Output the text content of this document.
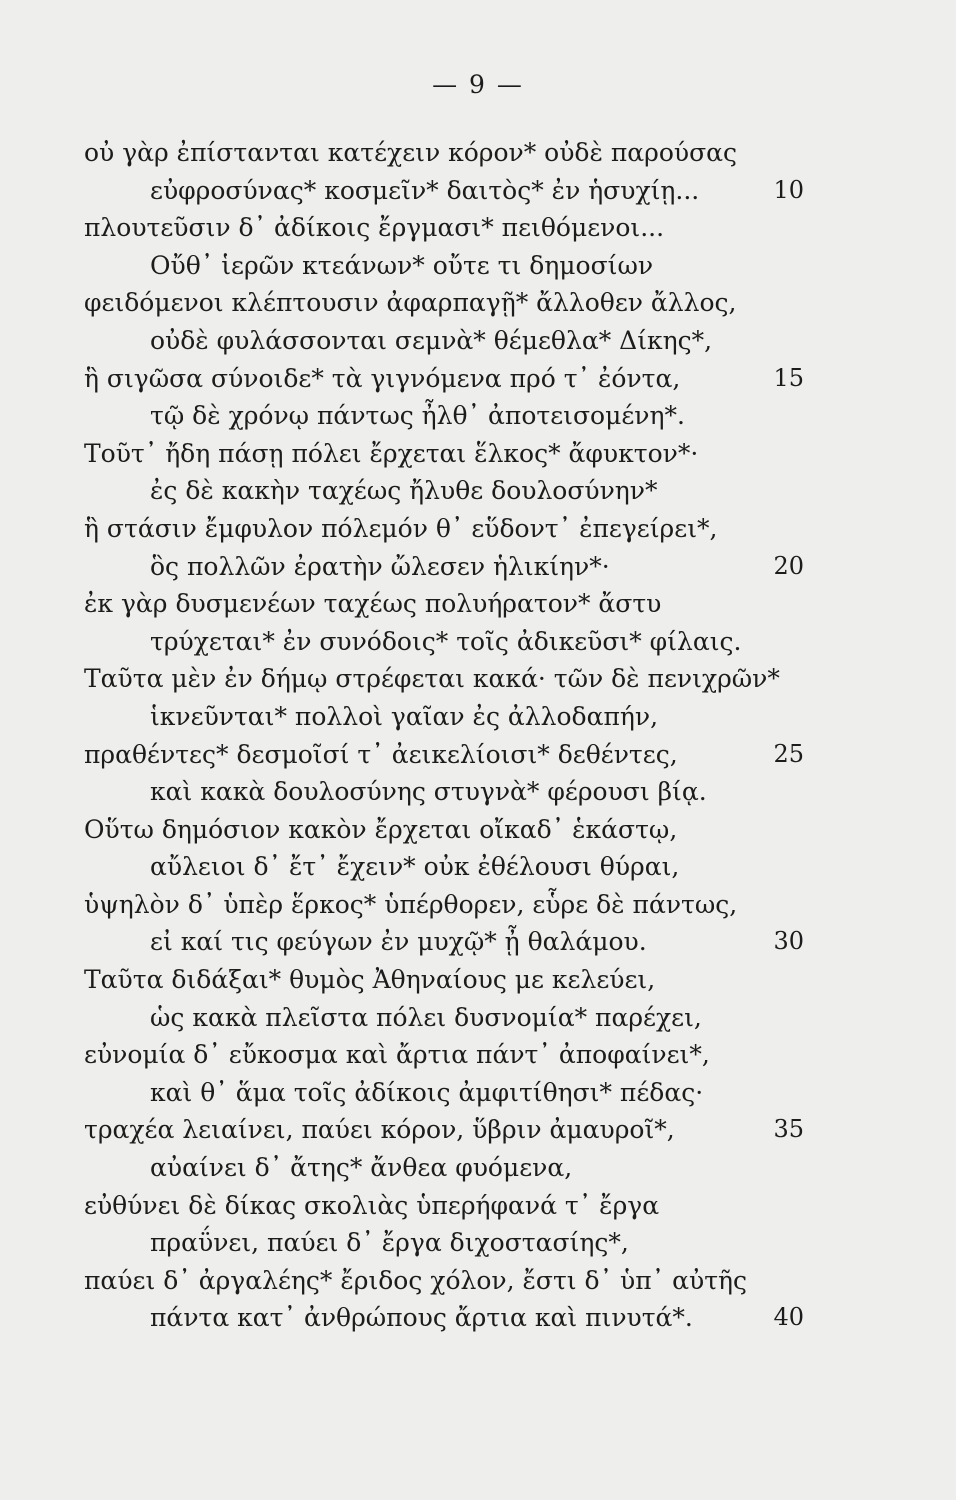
— 9 —
οὐ γὰρ ἐπίστανται κατέχειν κόρον* οὐδὲ παρούσας
εὐφροσύνας* κοσμεῖν* δαιτὸς* ἐν ἡσυχίῃ...	10
πλουτεῦσιν δ᾽ ἀδίκοις ἔργμασι* πειθόμενοι...
Οὔθ᾽ ἱερῶν κτεάνων* οὔτε τι δημοσίων
φειδόμενοι κλέπτουσιν ἀφαρπαγῇ* ἄλλοθεν ἄλλος,
οὐδὲ φυλάσσονται σεμνὰ* θέμεθλα* Δίκης*,
ἣ σιγῶσα σύνοιδε* τὰ γιγνόμενα πρό τ᾽ ἐόντα,	15
τῷ δὲ χρόνῳ πάντως ἦλθ᾽ ἀποτεισομένη*.
Τοῦτ᾽ ἤδη πάσῃ πόλει ἔρχεται ἕλκος* ἄφυκτον*·
ἐς δὲ κακὴν ταχέως ἤλυθε δουλοσύνην*
ἣ στάσιν ἔμφυλον πόλεμόν θ᾽ εὕδοντ᾽ ἐπεγείρει*,
ὃς πολλῶν ἐρατὴν ὤλεσεν ἡλικίην*·	20
ἐκ γὰρ δυσμενέων ταχέως πολυήρατον* ἄστυ
τρύχεται* ἐν συνόδοις* τοῖς ἀδικεῦσι* φίλαις.
Ταῦτα μὲν ἐν δήμῳ στρέφεται κακά· τῶν δὲ πενιχρῶν*
ἱκνεῦνται* πολλοὶ γαῖαν ἐς ἀλλοδαπήν,
πραθέντες* δεσμοῖσί τ᾽ ἀεικελίοισι* δεθέντες,	25
καὶ κακὰ δουλοσύνης στυγνὰ* φέρουσι βίᾳ.
Οὕτω δημόσιον κακὸν ἔρχεται οἴκαδ᾽ ἑκάστῳ,
αὔλειοι δ᾽ ἔτ᾽ ἔχειν* οὐκ ἐθέλουσι θύραι,
ὑψηλὸν δ᾽ ὑπὲρ ἕρκος* ὑπέρθορεν, εὗρε δὲ πάντως,
εἰ καί τις φεύγων ἐν μυχῷ* ᾖ θαλάμου.	30
Ταῦτα διδάξαι* θυμὸς Ἀθηναίους με κελεύει,
ὡς κακὰ πλεῖστα πόλει δυσνομία* παρέχει,
εὐνομία δ᾽ εὔκοσμα καὶ ἄρτια πάντ᾽ ἀποφαίνει*,
καὶ θ᾽ ἅμα τοῖς ἀδίκοις ἀμφιτίθησι* πέδας·
τραχέα λειαίνει, παύει κόρον, ὕβριν ἀμαυροῖ*,	35
αὐαίνει δ᾽ ἄτης* ἄνθεα φυόμενα,
εὐθύνει δὲ δίκας σκολιὰς ὑπερήφανά τ᾽ ἔργα
πραΰνει, παύει δ᾽ ἔργα διχοστασίης*,
παύει δ᾽ ἀργαλέης* ἔριδος χόλον, ἔστι δ᾽ ὑπ᾽ αὐτῆς
πάντα κατ᾽ ἀνθρώπους ἄρτια καὶ πινυτά*.	40
